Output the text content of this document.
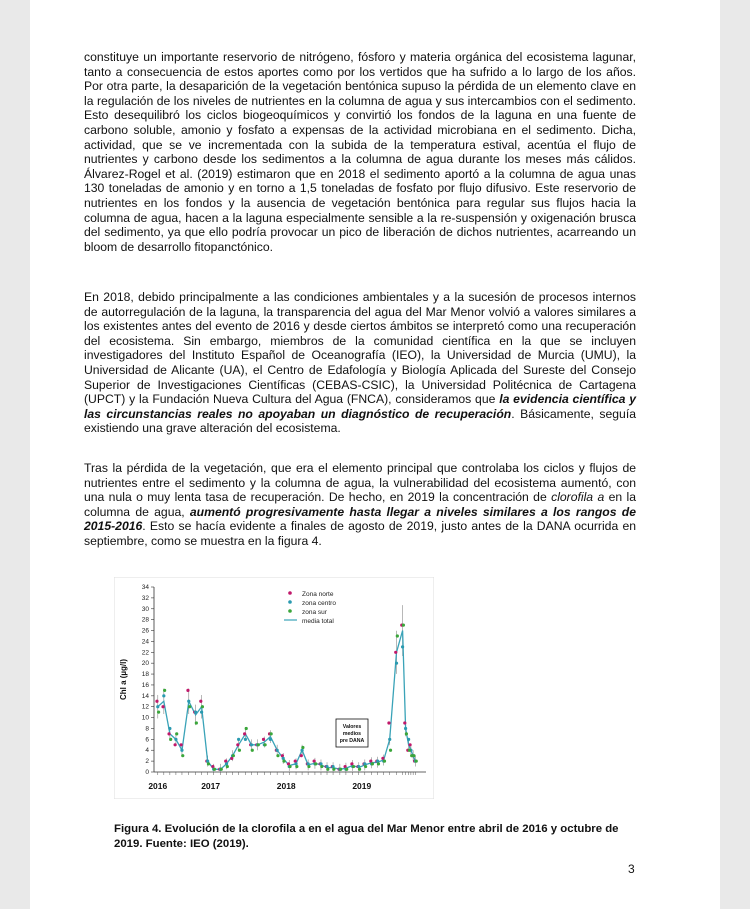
constituye un importante reservorio de nitrógeno, fósforo y materia orgánica del ecosistema lagunar, tanto a consecuencia de estos aportes como por los vertidos que ha sufrido a lo largo de los años. Por otra parte, la desaparición de la vegetación bentónica supuso la pérdida de un elemento clave en la regulación de los niveles de nutrientes en la columna de agua y sus intercambios con el sedimento. Esto desequilibró los ciclos biogeoquímicos y convirtió los fondos de la laguna en una fuente de carbono soluble, amonio y fosfato a expensas de la actividad microbiana en el sedimento. Dicha, actividad, que se ve incrementada con la subida de la temperatura estival, acentúa el flujo de nutrientes y carbono desde los sedimentos a la columna de agua durante los meses más cálidos. Álvarez-Rogel et al. (2019) estimaron que en 2018 el sedimento aportó a la columna de agua unas 130 toneladas de amonio y en torno a 1,5 toneladas de fosfato por flujo difusivo. Este reservorio de nutrientes en los fondos y la ausencia de vegetación bentónica para regular sus flujos hacia la columna de agua, hacen a la laguna especialmente sensible a la re-suspensión y oxigenación brusca del sedimento, ya que ello podría provocar un pico de liberación de dichos nutrientes, acarreando un bloom de desarrollo fitopanctónico.

En 2018, debido principalmente a las condiciones ambientales y a la sucesión de procesos internos de autorregulación de la laguna, la transparencia del agua del Mar Menor volvió a valores similares a los existentes antes del evento de 2016 y desde ciertos ámbitos se interpretó como una recuperación del ecosistema. Sin embargo, miembros de la comunidad científica en la que se incluyen investigadores del Instituto Español de Oceanografía (IEO), la Universidad de Murcia (UMU), la Universidad de Alicante (UA), el Centro de Edafología y Biología Aplicada del Sureste del Consejo Superior de Investigaciones Científicas (CEBAS-CSIC), la Universidad Politécnica de Cartagena (UPCT) y la Fundación Nueva Cultura del Agua (FNCA), consideramos que la evidencia científica y las circunstancias reales no apoyaban un diagnóstico de recuperación. Básicamente, seguía existiendo una grave alteración del ecosistema.

Tras la pérdida de la vegetación, que era el elemento principal que controlaba los ciclos y flujos de nutrientes entre el sedimento y la columna de agua, la vulnerabilidad del ecosistema aumentó, con una nula o muy lenta tasa de recuperación. De hecho, en 2019 la concentración de clorofila a en la columna de agua, aumentó progresivamente hasta llegar a niveles similares a los rangos de 2015-2016. Esto se hacía evidente a finales de agosto de 2019, justo antes de la DANA ocurrida en septiembre, como se muestra en la figura 4.

0
2
4
6
8
10
12
14
16
18
20
22
24
26
28
30
32
34
Chl a (µg/l)
2016	2017	2018	2019
Zona norte
zona centro
zona sur
media total
Valores
medios
pre DANA

Figura 4. Evolución de la clorofila a en el agua del Mar Menor entre abril de 2016 y octubre de 2019. Fuente: IEO (2019).

3
